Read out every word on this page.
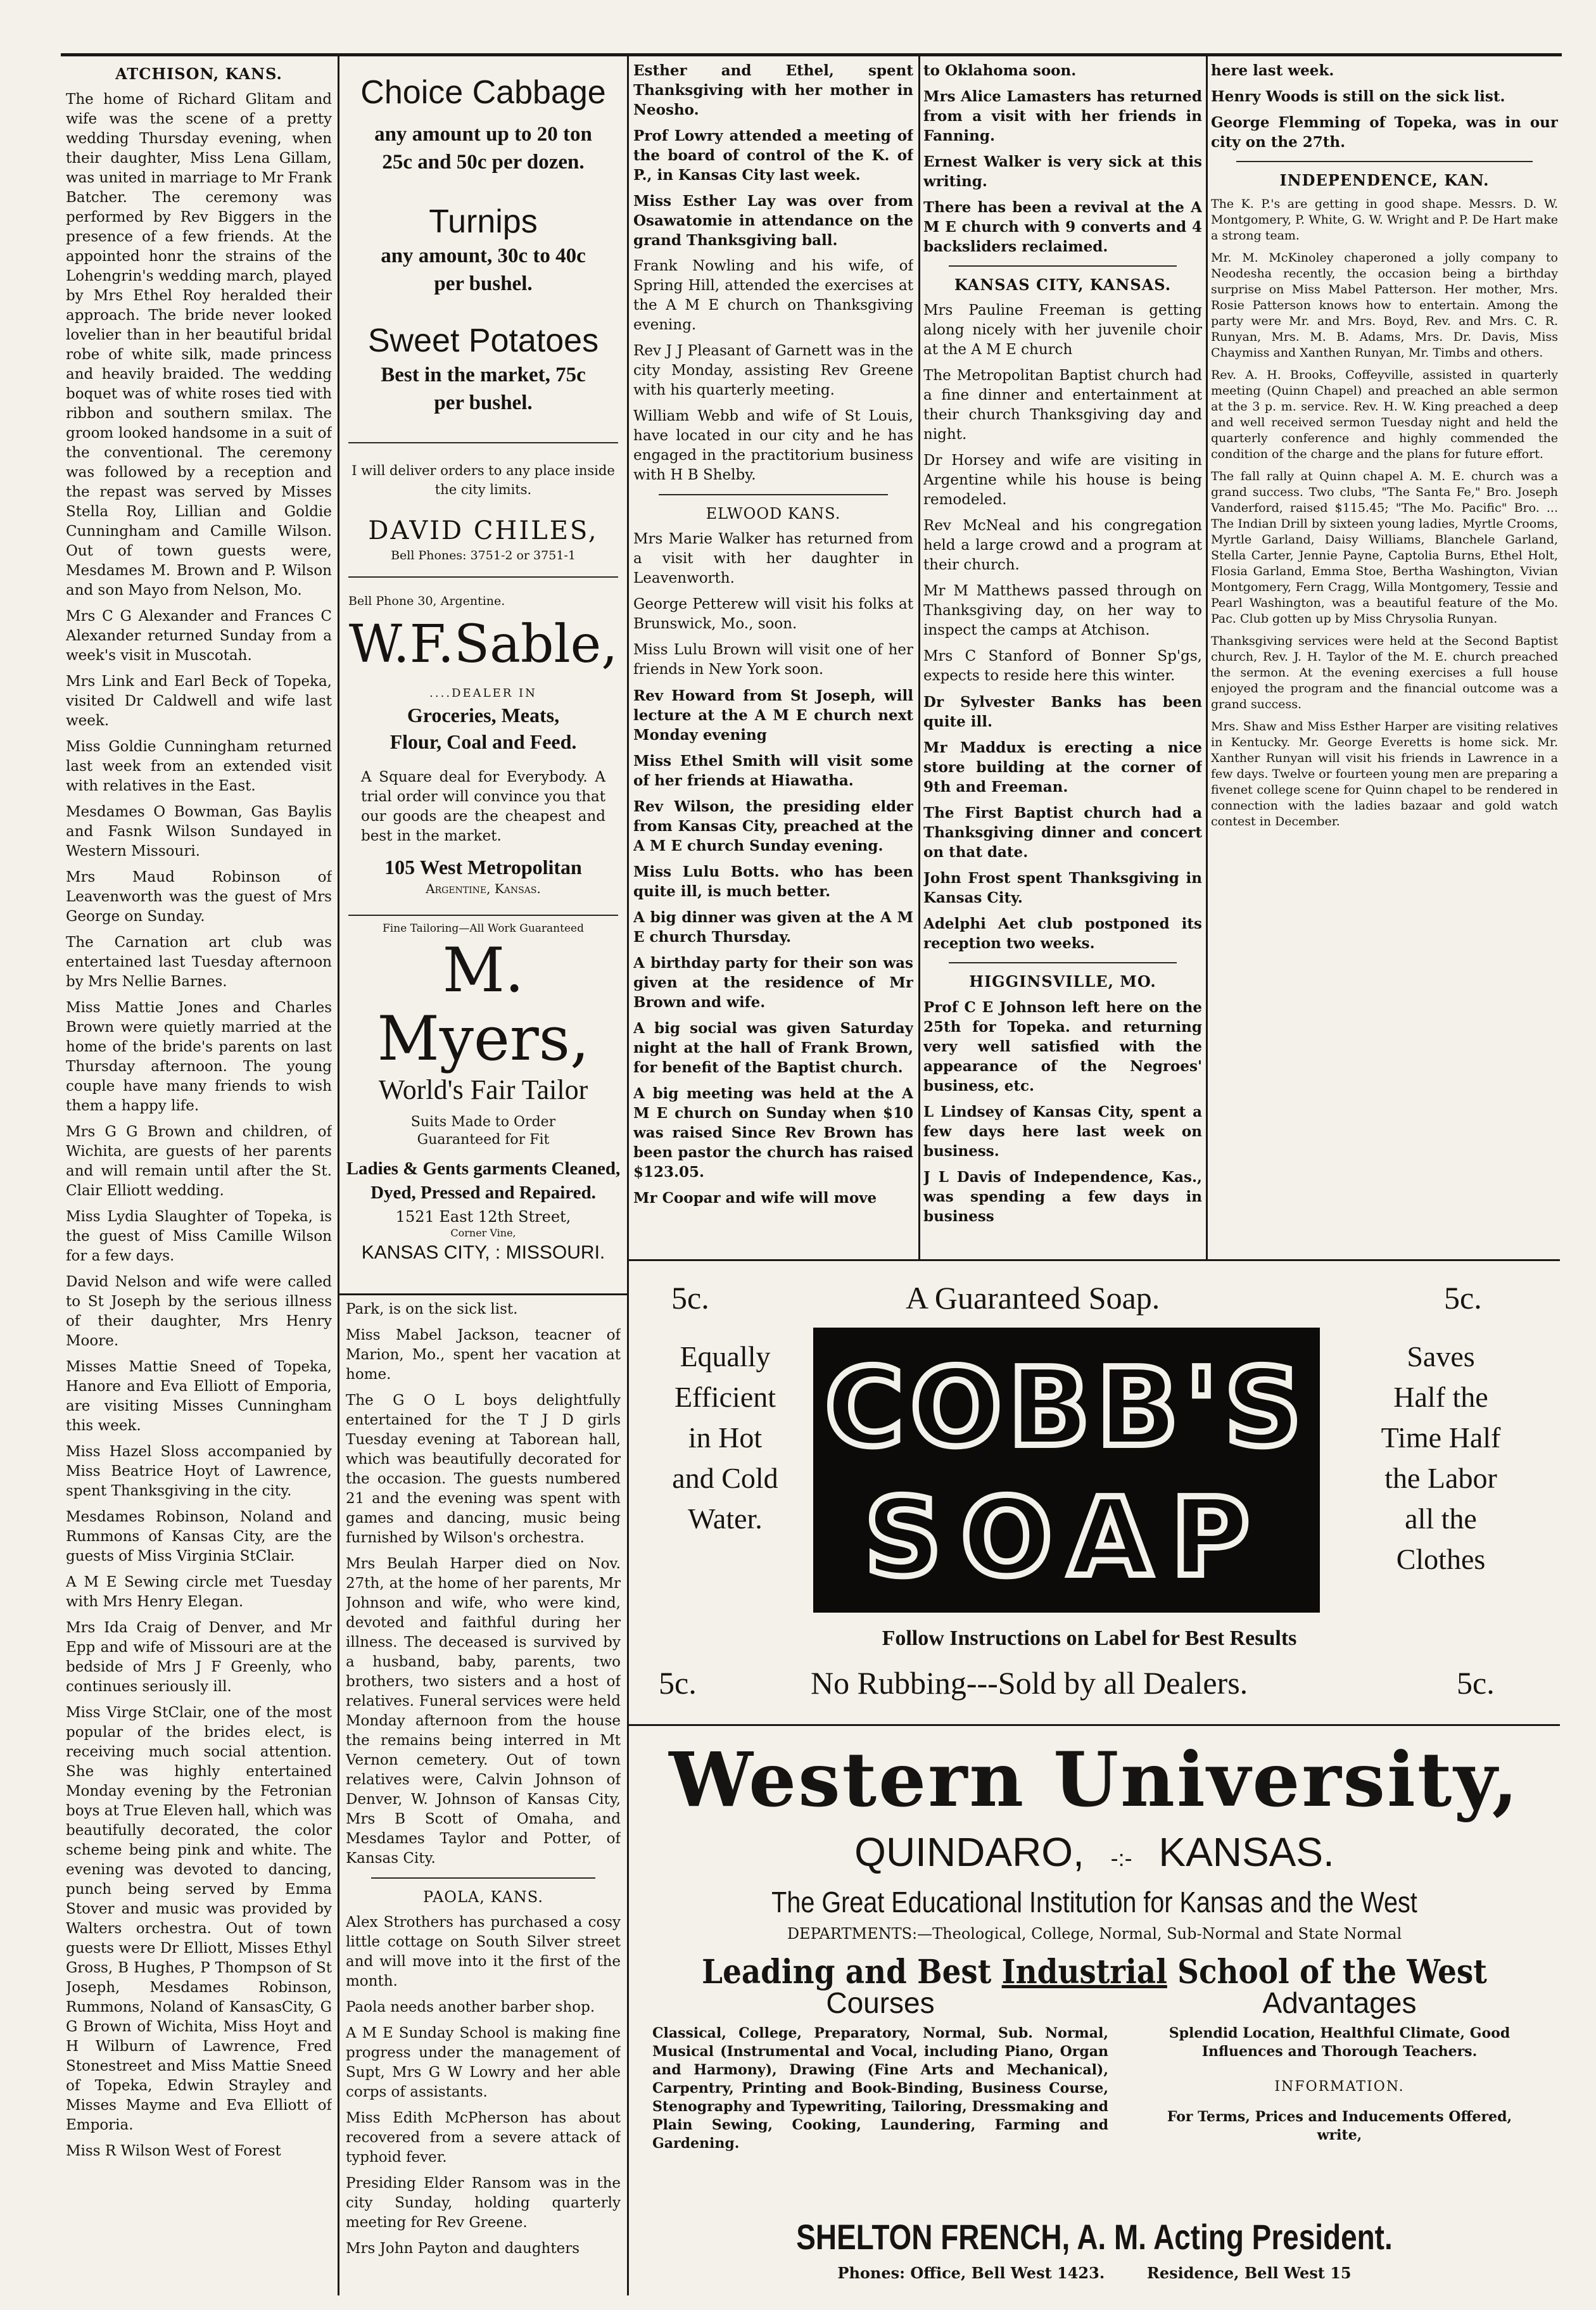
ATCHISON, KANS.

The home of Richard Glitam and wife was the scene of a pretty wedding Thursday evening, when their daughter, Miss Lena Gillam, was united in marriage to Mr Frank Batcher. The ceremony was performed by Rev Biggers in the presence of a few friends. At the appointed honr the strains of the Lohengrin's wedding march, played by Mrs Ethel Roy heralded their approach. The bride never looked lovelier than in her beautiful bridal robe of white silk, made princess and heavily braided. The wedding boquet was of white roses tied with ribbon and southern smilax. The groom looked handsome in a suit of the conventional. The ceremony was followed by a reception and the repast was served by Misses Stella Roy, Lillian and Goldie Cunningham and Camille Wilson. Out of town guests were, Mesdames M. Brown and P. Wilson and son Mayo from Nelson, Mo.

Mrs C G Alexander and Frances C Alexander returned Sunday from a week's visit in Muscotah.

Mrs Link and Earl Beck of Topeka, visited Dr Caldwell and wife last week.

Miss Goldie Cunningham returned last week from an extended visit with relatives in the East.

Mesdames O Bowman, Gas Baylis and Fasnk Wilson Sundayed in Western Missouri.

Mrs Maud Robinson of Leavenworth was the guest of Mrs George on Sunday.

The Carnation art club was entertained last Tuesday afternoon by Mrs Nellie Barnes.

Miss Mattie Jones and Charles Brown were quietly married at the home of the bride's parents on last Thursday afternoon. The young couple have many friends to wish them a happy life.

Mrs G G Brown and children, of Wichita, are guests of her parents and will remain until after the St. Clair Elliott wedding.

Miss Lydia Slaughter of Topeka, is the guest of Miss Camille Wilson for a few days.

David Nelson and wife were called to St Joseph by the serious illness of their daughter, Mrs Henry Moore.

Misses Mattie Sneed of Topeka, Hanore and Eva Elliott of Emporia, are visiting Misses Cunningham this week.

Miss Hazel Sloss accompanied by Miss Beatrice Hoyt of Lawrence, spent Thanksgiving in the city.

Mesdames Robinson, Noland and Rummons of Kansas City, are the guests of Miss Virginia StClair.

A M E Sewing circle met Tuesday with Mrs Henry Elegan.

Mrs Ida Craig of Denver, and Mr Epp and wife of Missouri are at the bedside of Mrs J F Greenly, who continues seriously ill.

Miss Virge StClair, one of the most popular of the brides elect, is receiving much social attention. She was highly entertained Monday evening by the Fetronian boys at True Eleven hall, which was beautifully decorated, the color scheme being pink and white. The evening was devoted to dancing, punch being served by Emma Stover and music was provided by Walters orchestra. Out of town guests were Dr Elliott, Misses Ethyl Gross, B Hughes, P Thompson of St Joseph, Mesdames Robinson, Rummons, Noland of KansasCity, G G Brown of Wichita, Miss Hoyt and H Wilburn of Lawrence, Fred Stonestreet and Miss Mattie Sneed of Topeka, Edwin Strayley and Misses Mayme and Eva Elliott of Emporia.

Miss R Wilson West of Forest

Choice Cabbage
any amount up to 20 ton
25c and 50c per dozen.
Turnips
any amount, 30c to 40c
per bushel.
Sweet Potatoes
Best in the market, 75c
per bushel.
I will deliver orders to any place inside the city limits.
DAVID CHILES,
Bell Phones: 3751-2 or 3751-1
Bell Phone 30, Argentine.
W.F.Sable,
....DEALER IN
Groceries, Meats,
Flour, Coal and Feed.
A Square deal for Everybody. A trial order will convince you that our goods are the cheapest and best in the market.
105 West Metropolitan
Argentine, Kansas.
Fine Tailoring—All Work Guaranteed
M. Myers,
World's Fair Tailor
Suits Made to Order
Guaranteed for Fit
Ladies & Gents garments Cleaned,
Dyed, Pressed and Repaired.
1521 East 12th Street,
Corner Vine,
KANSAS CITY, : MISSOURI.

Park, is on the sick list.

Miss Mabel Jackson, teacner of Marion, Mo., spent her vacation at home.

The G O L boys delightfully entertained for the T J D girls Tuesday evening at Taborean hall, which was beautifully decorated for the occasion. The guests numbered 21 and the evening was spent with games and dancing, music being furnished by Wilson's orchestra.

Mrs Beulah Harper died on Nov. 27th, at the home of her parents, Mr Johnson and wife, who were kind, devoted and faithful during her illness. The deceased is survived by a husband, baby, parents, two brothers, two sisters and a host of relatives. Funeral services were held Monday afternoon from the house the remains being interred in Mt Vernon cemetery. Out of town relatives were, Calvin Johnson of Denver, W. Johnson of Kansas City, Mrs B Scott of Omaha, and Mesdames Taylor and Potter, of Kansas City.

PAOLA, KANS.

Alex Strothers has purchased a cosy little cottage on South Silver street and will move into it the first of the month.

Paola needs another barber shop.

A M E Sunday School is making fine progress under the management of Supt, Mrs G W Lowry and her able corps of assistants.

Miss Edith McPherson has about recovered from a severe attack of typhoid fever.

Presiding Elder Ransom was in the city Sunday, holding quarterly meeting for Rev Greene.

Mrs John Payton and daughters

Esther and Ethel, spent Thanksgiving with her mother in Neosho.

Prof Lowry attended a meeting of the board of control of the K. of P., in Kansas City last week.

Miss Esther Lay was over from Osawatomie in attendance on the grand Thanksgiving ball.

Frank Nowling and his wife, of Spring Hill, attended the exercises at the A M E church on Thanksgiving evening.

Rev J J Pleasant of Garnett was in the city Monday, assisting Rev Greene with his quarterly meeting.

William Webb and wife of St Louis, have located in our city and he has engaged in the practitorium business with H B Shelby.

ELWOOD KANS.

Mrs Marie Walker has returned from a visit with her daughter in Leavenworth.

George Petterew will visit his folks at Brunswick, Mo., soon.

Miss Lulu Brown will visit one of her friends in New York soon.

Rev Howard from St Joseph, will lecture at the A M E church next Monday evening

Miss Ethel Smith will visit some of her friends at Hiawatha.

Rev Wilson, the presiding elder from Kansas City, preached at the A M E church Sunday evening.

Miss Lulu Botts. who has been quite ill, is much better.

A big dinner was given at the A M E church Thursday.

A birthday party for their son was given at the residence of Mr Brown and wife.

A big social was given Saturday night at the hall of Frank Brown, for benefit of the Baptist church.

A big meeting was held at the A M E church on Sunday when $10 was raised Since Rev Brown has been pastor the church has raised $123.05.

Mr Coopar and wife will move

to Oklahoma soon.

Mrs Alice Lamasters has returned from a visit with her friends in Fanning.

Ernest Walker is very sick at this writing.

There has been a revival at the A M E church with 9 converts and 4 backsliders reclaimed.

KANSAS CITY, KANSAS.

Mrs Pauline Freeman is getting along nicely with her juvenile choir at the A M E church

The Metropolitan Baptist church had a fine dinner and entertainment at their church Thanksgiving day and night.

Dr Horsey and wife are visiting in Argentine while his house is being remodeled.

Rev McNeal and his congregation held a large crowd and a program at their church.

Mr M Matthews passed through on Thanksgiving day, on her way to inspect the camps at Atchison.

Mrs C Stanford of Bonner Sp'gs, expects to reside here this winter.

Dr Sylvester Banks has been quite ill.

Mr Maddux is erecting a nice store building at the corner of 9th and Freeman.

The First Baptist church had a Thanksgiving dinner and concert on that date.

John Frost spent Thanksgiving in Kansas City.

Adelphi Aet club postponed its reception two weeks.

HIGGINSVILLE, MO.

Prof C E Johnson left here on the 25th for Topeka. and returning very well satisfied with the appearance of the Negroes' business, etc.

L Lindsey of Kansas City, spent a few days here last week on business.

J L Davis of Independence, Kas., was spending a few days in business

here last week.

Henry Woods is still on the sick list.

George Flemming of Topeka, was in our city on the 27th.

INDEPENDENCE, KAN.

The K. P.'s are getting in good shape. Messrs. D. W. Montgomery, P. White, G. W. Wright and P. De Hart make a strong team.

Mr. M. McKinoley chaperoned a jolly company to Neodesha recently, the occasion being a birthday surprise on Miss Mabel Patterson. Her mother, Mrs. Rosie Patterson knows how to entertain. Among the party were Mr. and Mrs. Boyd, Rev. and Mrs. C. R. Runyan, Mrs. M. B. Adams, Mrs. Dr. Davis, Miss Chaymiss and Xanthen Runyan, Mr. Timbs and others.

Rev. A. H. Brooks, Coffeyville, assisted in quarterly meeting (Quinn Chapel) and preached an able sermon at the 3 p. m. service. Rev. H. W. King preached a deep and well received sermon Tuesday night and held the quarterly conference and highly commended the condition of the charge and the plans for future effort.

The fall rally at Quinn chapel A. M. E. church was a grand success. Two clubs, "The Santa Fe," Bro. Joseph Vanderford, raised $115.45; "The Mo. Pacific" Bro. ... The Indian Drill by sixteen young ladies, Myrtle Crooms, Myrtle Garland, Daisy Williams, Blanchele Garland, Stella Carter, Jennie Payne, Captolia Burns, Ethel Holt, Flosia Garland, Emma Stoe, Bertha Washington, Vivian Montgomery, Fern Cragg, Willa Montgomery, Tessie and Pearl Washington, was a beautiful feature of the Mo. Pac. Club gotten up by Miss Chrysolia Runyan.

Thanksgiving services were held at the Second Baptist church, Rev. J. H. Taylor of the M. E. church preached the sermon. At the evening exercises a full house enjoyed the program and the financial outcome was a grand success.

Mrs. Shaw and Miss Esther Harper are visiting relatives in Kentucky. Mr. George Everetts is home sick. Mr. Xanther Runyan will visit his friends in Lawrence in a few days. Twelve or fourteen young men are preparing a fivenet college scene for Quinn chapel to be rendered in connection with the ladies bazaar and gold watch contest in December.

5c.	A Guaranteed Soap.	5c.
Equally
Efficient
in Hot
and Cold
Water.
COBB'S
SOAP
Saves
Half the
Time Half
the Labor
all the
Clothes
Follow Instructions on Label for Best Results
5c.	No Rubbing---Sold by all Dealers.	5c.
Western University,
QUINDARO, -:- KANSAS.
The Great Educational Institution for Kansas and the West
DEPARTMENTS:—Theological, College, Normal, Sub-Normal and State Normal
Leading and Best Industrial School of the West
Courses
Classical, College, Preparatory, Normal, Sub. Normal, Musical (Instrumental and Vocal, including Piano, Organ and Harmony), Drawing (Fine Arts and Mechanical), Carpentry, Printing and Book-Binding, Business Course, Stenography and Typewriting, Tailoring, Dressmaking and Plain Sewing, Cooking, Laundering, Farming and Gardening.
Advantages
Splendid Location, Healthful Climate, Good Influences and Thorough Teachers.
INFORMATION.
For Terms, Prices and Inducements Offered, write,
SHELTON FRENCH, A. M. Acting President.
Phones: Office, Bell West 1423.	Residence, Bell West 15
